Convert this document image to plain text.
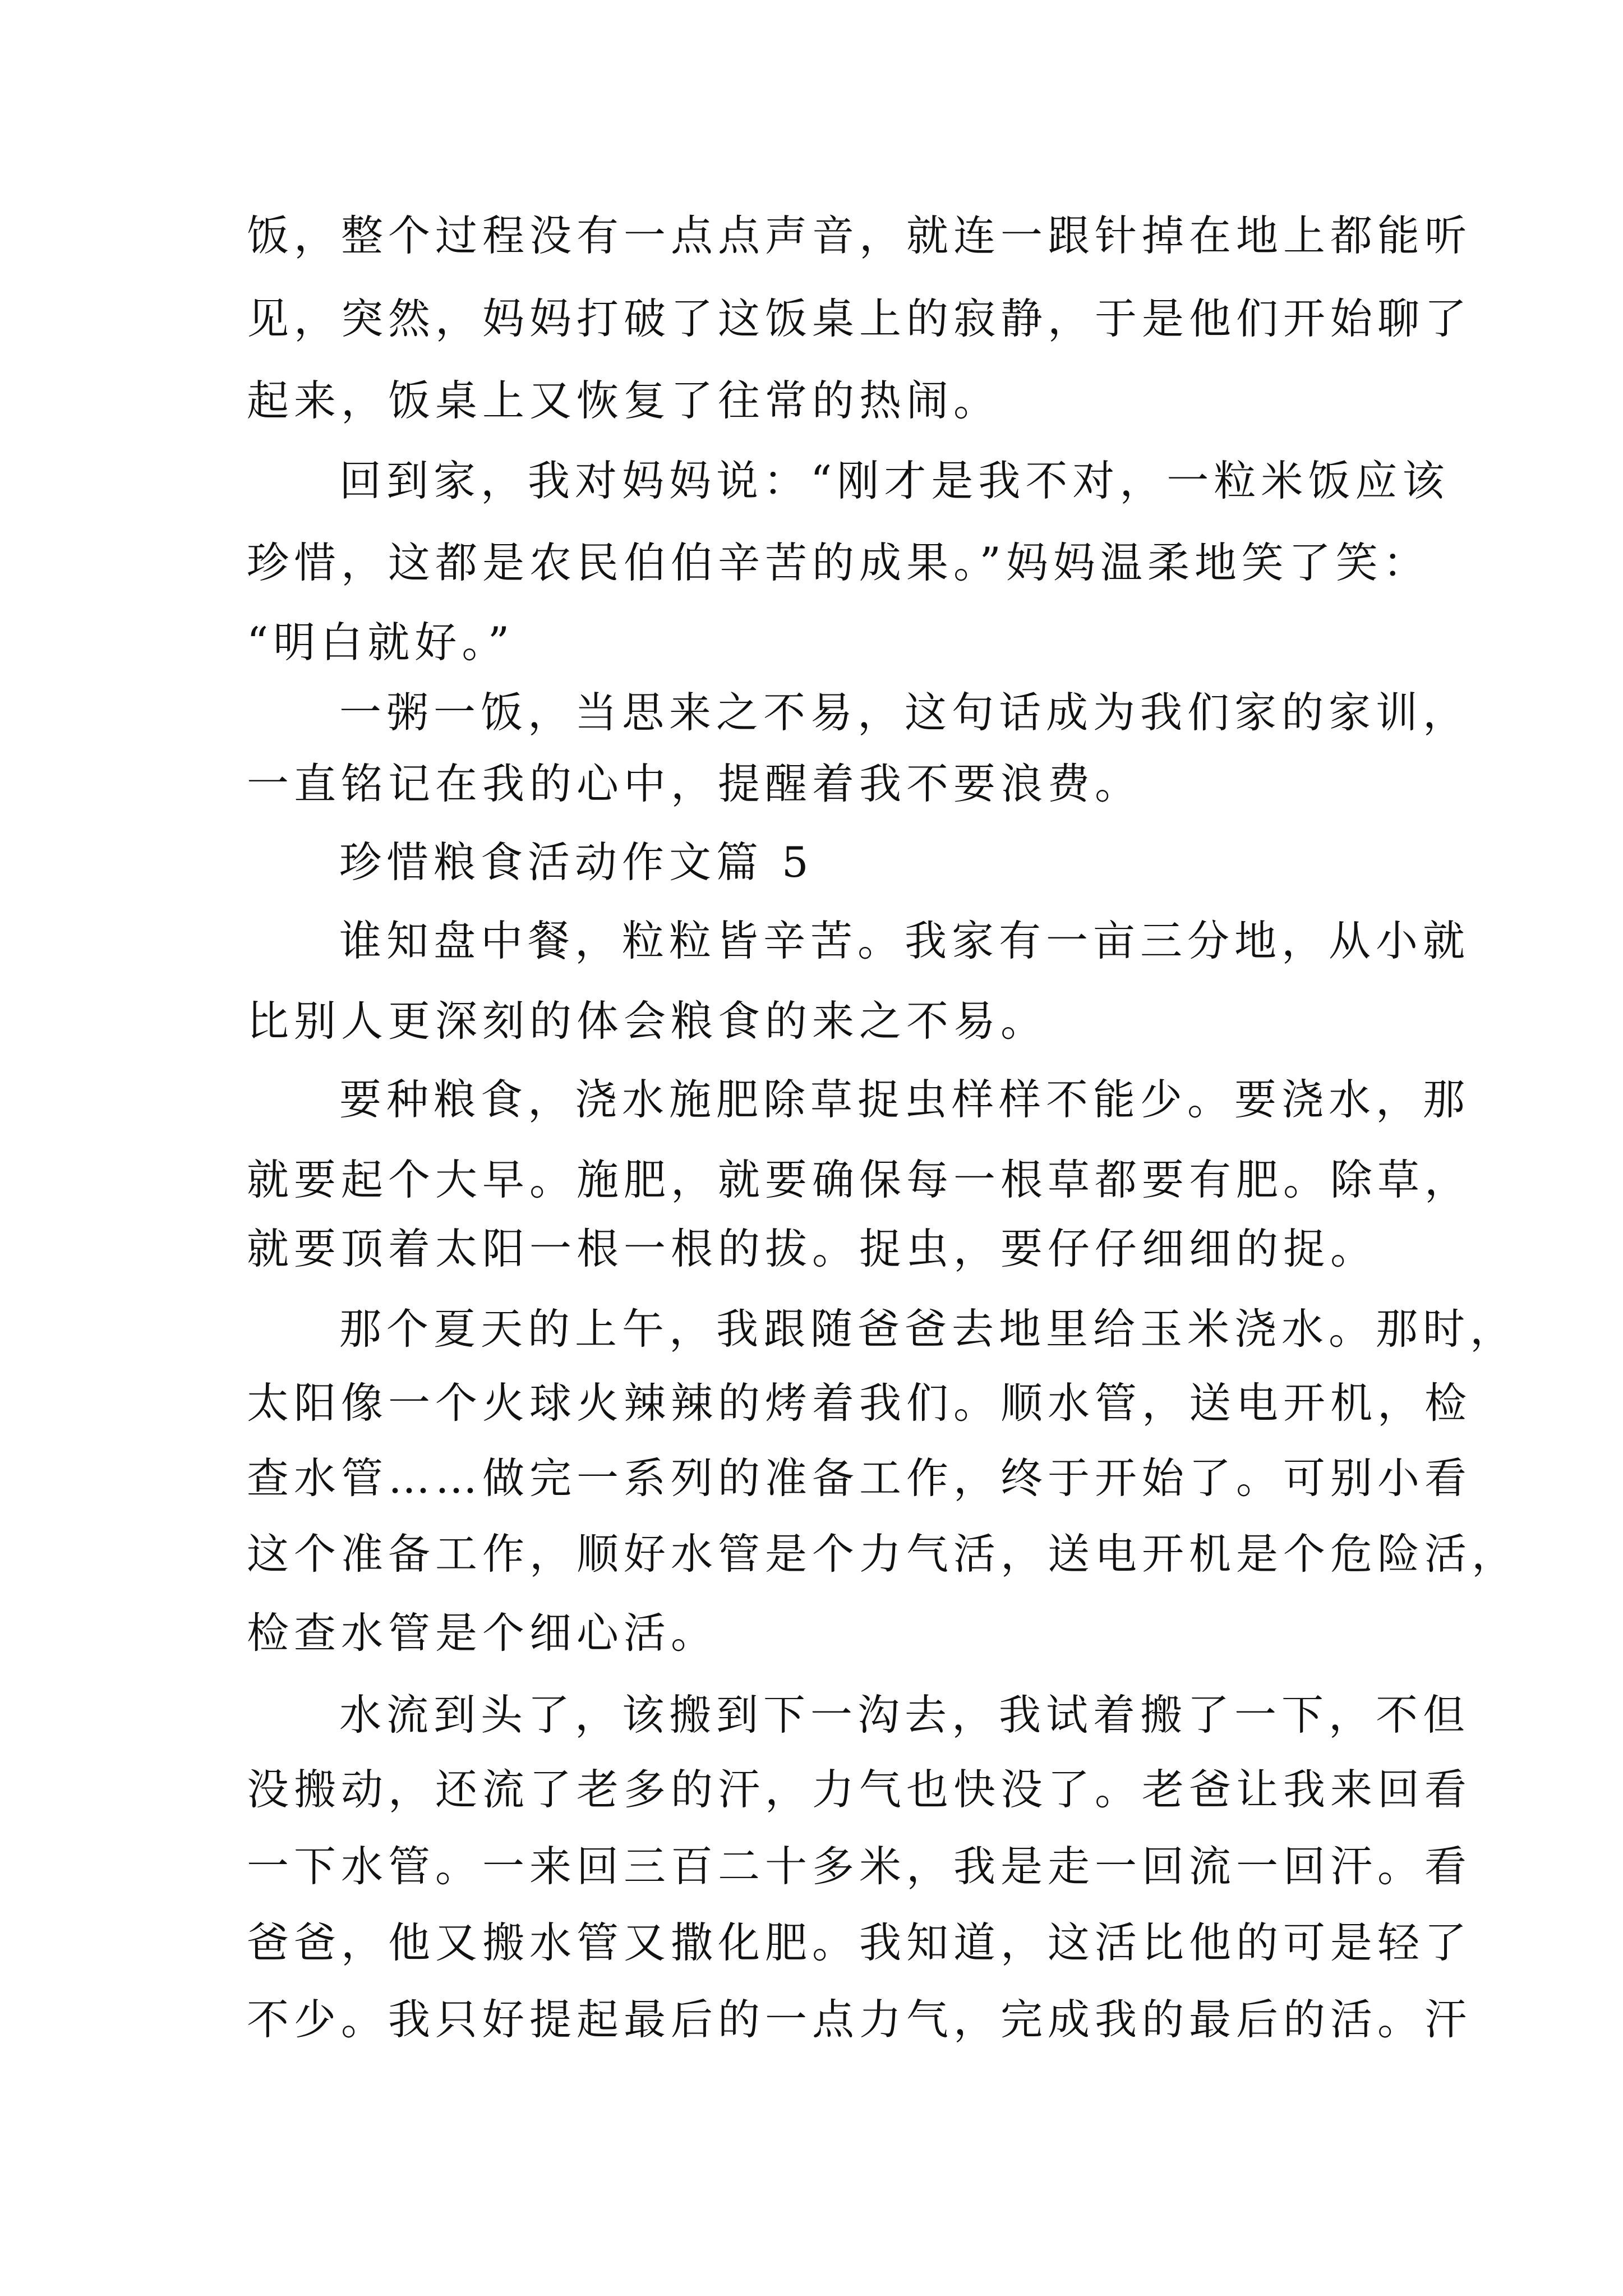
饭，整个过程没有一点点声音，就连一跟针掉在地上都能听
见，突然，妈妈打破了这饭桌上的寂静，于是他们开始聊了
起来，饭桌上又恢复了往常的热闹。
回到家，我对妈妈说：“刚才是我不对，一粒米饭应该
珍惜，这都是农民伯伯辛苦的成果。”妈妈温柔地笑了笑：
“明白就好。”
一粥一饭，当思来之不易，这句话成为我们家的家训，
一直铭记在我的心中，提醒着我不要浪费。
珍惜粮食活动作文篇 5
谁知盘中餐，粒粒皆辛苦。我家有一亩三分地，从小就
比别人更深刻的体会粮食的来之不易。
要种粮食，浇水施肥除草捉虫样样不能少。要浇水，那
就要起个大早。施肥，就要确保每一根草都要有肥。除草，
就要顶着太阳一根一根的拔。捉虫，要仔仔细细的捉。
那个夏天的上午，我跟随爸爸去地里给玉米浇水。那时，
太阳像一个火球火辣辣的烤着我们。顺水管，送电开机，检
查水管……做完一系列的准备工作，终于开始了。可别小看
这个准备工作，顺好水管是个力气活，送电开机是个危险活，
检查水管是个细心活。
水流到头了，该搬到下一沟去，我试着搬了一下，不但
没搬动，还流了老多的汗，力气也快没了。老爸让我来回看
一下水管。一来回三百二十多米，我是走一回流一回汗。看
爸爸，他又搬水管又撒化肥。我知道，这活比他的可是轻了
不少。我只好提起最后的一点力气，完成我的最后的活。汗
